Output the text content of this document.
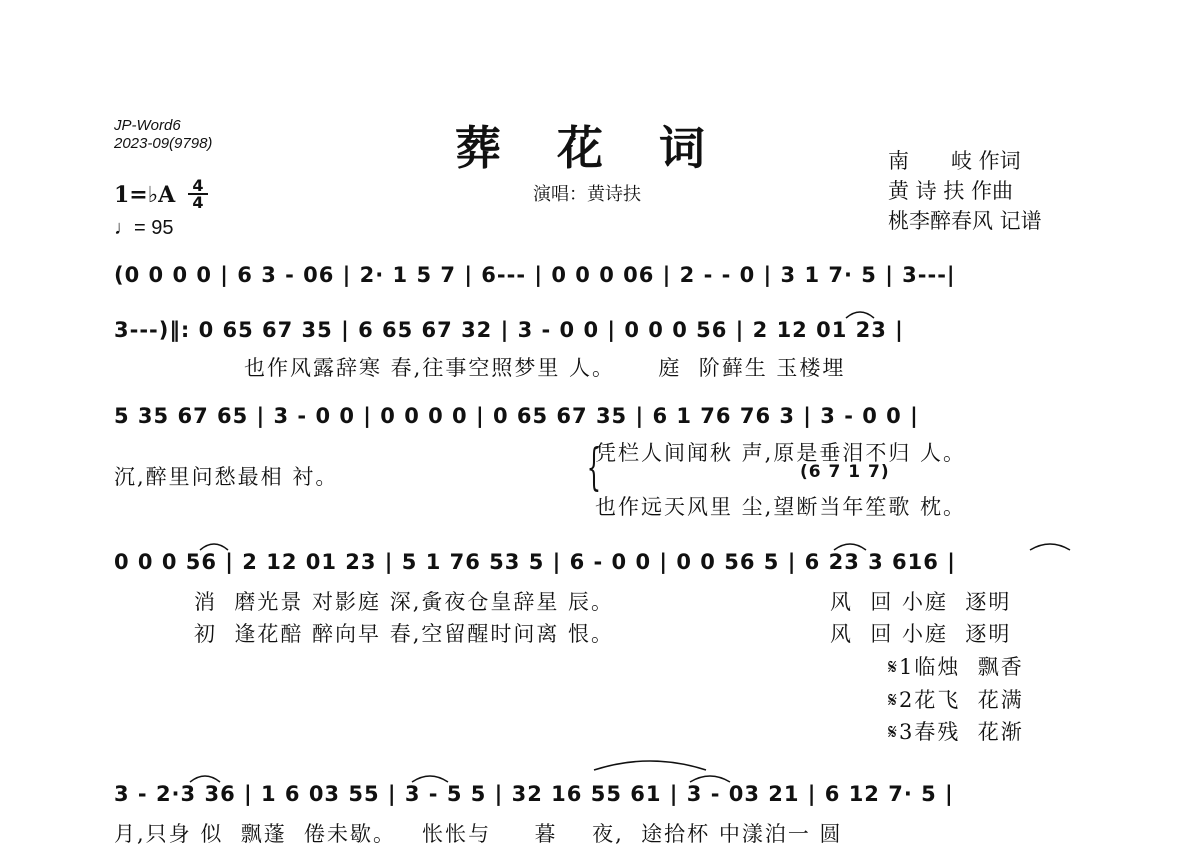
JP-Word6
2023-09(9798)	葬花词
演唱：黄诗扶
南　　岐 作词
黄 诗 扶 作曲
桃李醉春风 记谱
1=♭A 4
4
♩= 95
(0 0 0 0 | 6 3 - 06 | 2· 1 5 7 | 6--- | 0 0 0 06 | 2 - - 0 | 3 1 7· 5 | 3---|
3---)‖: 0 65 67 35 | 6 65 67 32 | 3 - 0 0 | 0 0 0 56 | 2 12 01 23 |
也作风露辞寒 春,往事空照梦里 人。     庭  阶藓生 玉楼埋
5 35 67 65 | 3 - 0 0 | 0 0 0 0 | 0 65 67 35 | 6 1 76 76 3 | 3 - 0 0 |
沉,醉里问愁最相 衬。	{
凭栏人间闻秋 声,原是垂泪不归 人。
(6 7 1 7)
也作远天风里 尘,望断当年笙歌 枕。
0 0 0 56 | 2 12 01 23 | 5 1 76 53 5 | 6 - 0 0 | 0 0 56 5 | 6 23 3 616 |
消  磨光景 对影庭 深,夤夜仓皇辞星 辰。	风  回 小庭  逐明
初  逢花醅 醉向早 春,空留醒时问离 恨。	风  回 小庭  逐明
𝄋1临烛  飘香
𝄋2花飞  花满
𝄋3春残  花渐
3 - 2·3 36 | 1 6 03 55 | 3 - 5 5 | 32 16 55 61 | 3 - 03 21 | 6 12 7· 5 |
月,只身 似  飘蓬  倦未歇。   怅怅与     暮    夜,  途拾杯 中漾泊一 圆
